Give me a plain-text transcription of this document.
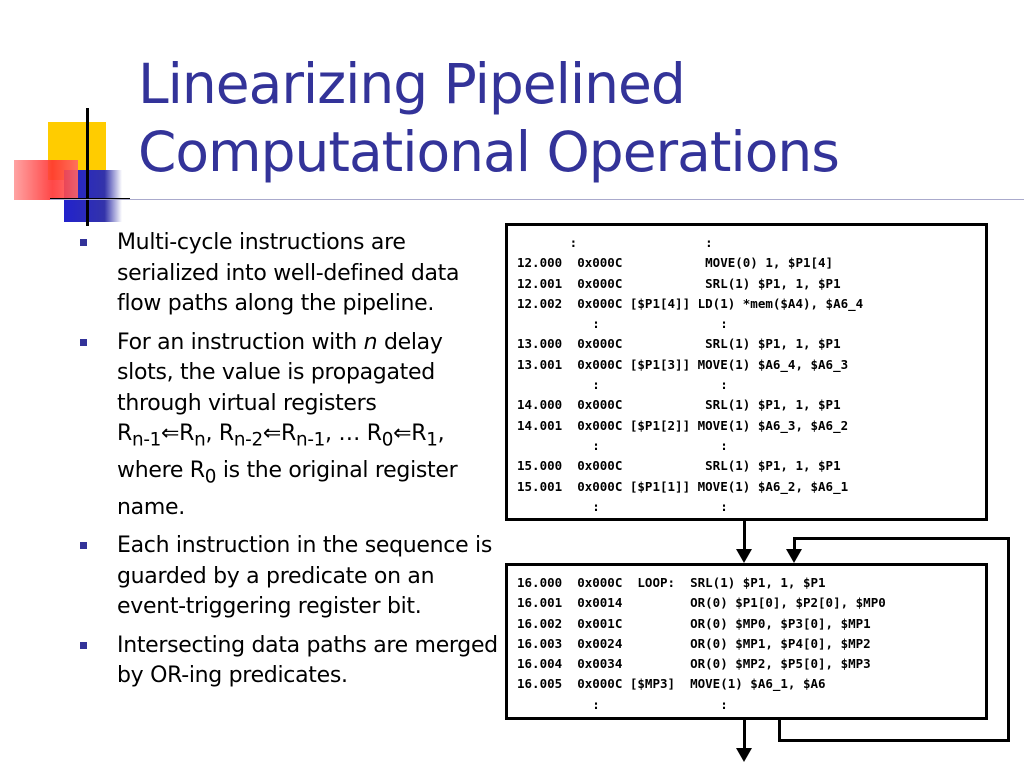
Linearizing Pipelined
Computational Operations
Multi-cycle instructions are serialized into well-defined data flow paths along the pipeline.
For an instruction with n delay slots, the value is propagated through virtual registers
$R_{n-1}⇐R_n$, $R_{n-2}⇐R_{n-1}$, … $R_0⇐R_1$,
where $R_0$ is the original register name.
Each instruction in the sequence is guarded by a predicate on an event-triggering register bit.
Intersecting data paths are merged by OR-ing predicates.
:                 :
12.000  0x000C           MOVE(0) 1, $P1[4]
12.001  0x000C           SRL(1) $P1, 1, $P1
12.002  0x000C [$P1[4]] LD(1) *mem($A4), $A6_4
:                :
13.000  0x000C           SRL(1) $P1, 1, $P1
13.001  0x000C [$P1[3]] MOVE(1) $A6_4, $A6_3
:                :
14.000  0x000C           SRL(1) $P1, 1, $P1
14.001  0x000C [$P1[2]] MOVE(1) $A6_3, $A6_2
:                :
15.000  0x000C           SRL(1) $P1, 1, $P1
15.001  0x000C [$P1[1]] MOVE(1) $A6_2, $A6_1
:                :
16.000  0x000C  LOOP:  SRL(1) $P1, 1, $P1
16.001  0x0014         OR(0) $P1[0], $P2[0], $MP0
16.002  0x001C         OR(0) $MP0, $P3[0], $MP1
16.003  0x0024         OR(0) $MP1, $P4[0], $MP2
16.004  0x0034         OR(0) $MP2, $P5[0], $MP3
16.005  0x000C [$MP3]  MOVE(1) $A6_1, $A6
:                :
